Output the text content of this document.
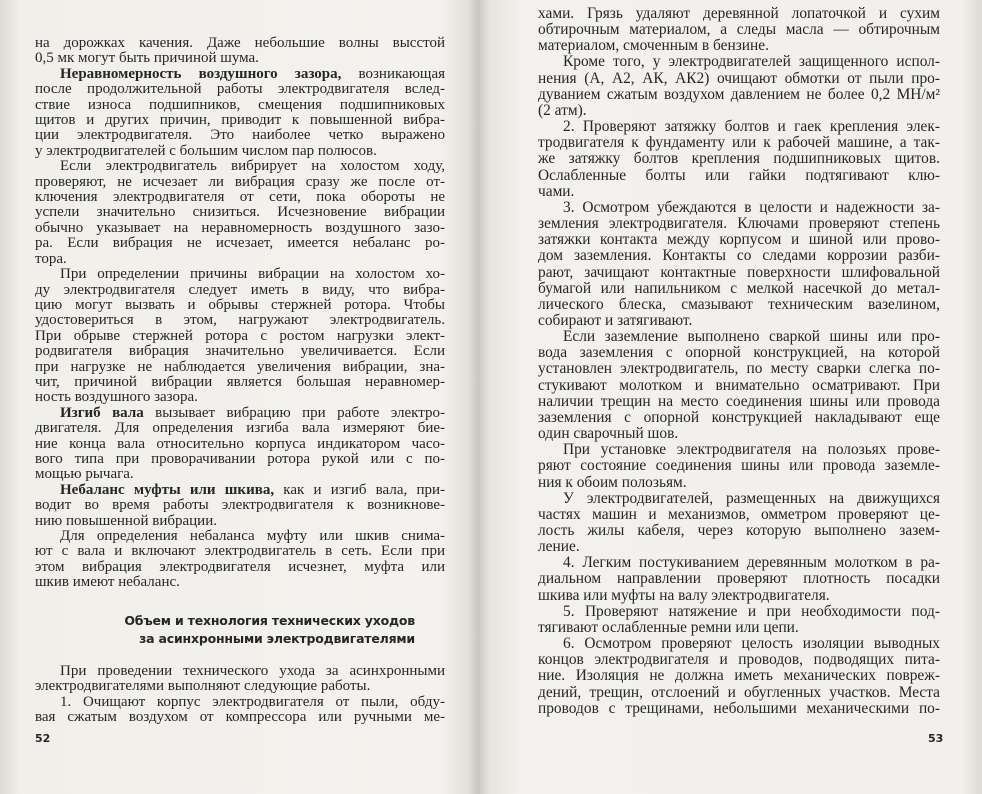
на дорожках качения. Даже небольшие волны высстой
0,5 мк могут быть причиной шума.
Неравномерность воздушного зазора, возникающая
после продолжительной работы электродвигателя вслед-
ствие износа подшипников, смещения подшипниковых
щитов и других причин, приводит к повышенной вибра-
ции электродвигателя. Это наиболее четко выражено
у электродвигателей с большим числом пар полюсов.
Если электродвигатель вибрирует на холостом ходу,
проверяют, не исчезает ли вибрация сразу же после от-
ключения электродвигателя от сети, пока обороты не
успели значительно снизиться. Исчезновение вибрации
обычно указывает на неравномерность воздушного зазо-
ра. Если вибрация не исчезает, имеется небаланс ро-
тора.
При определении причины вибрации на холостом хо-
ду электродвигателя следует иметь в виду, что вибра-
цию могут вызвать и обрывы стержней ротора. Чтобы
удостовериться в этом, нагружают электродвигатель.
При обрыве стержней ротора с ростом нагрузки элект-
родвигателя вибрация значительно увеличивается. Если
при нагрузке не наблюдается увеличения вибрации, зна-
чит, причиной вибрации является большая неравномер-
ность воздушного зазора.
Изгиб вала вызывает вибрацию при работе электро-
двигателя. Для определения изгиба вала измеряют бие-
ние конца вала относительно корпуса индикатором часо-
вого типа при проворачивании ротора рукой или с по-
мощью рычага.
Небаланс муфты или шкива, как и изгиб вала, при-
водит во время работы электродвигателя к возникнове-
нию повышенной вибрации.
Для определения небаланса муфту или шкив снима-
ют с вала и включают электродвигатель в сеть. Если при
этом вибрация электродвигателя исчезнет, муфта или
шкив имеют небаланс.
Объем и технология технических уходов
за асинхронными электродвигателями
При проведении технического ухода за асинхронными
электродвигателями выполняют следующие работы.
1. Очищают корпус электродвигателя от пыли, обду-
вая сжатым воздухом от компрессора или ручными ме-
хами. Грязь удаляют деревянной лопаточкой и сухим
обтирочным материалом, а следы масла — обтирочным
материалом, смоченным в бензине.
Кроме того, у электродвигателей защищенного испол-
нения (А, А2, АК, АК2) очищают обмотки от пыли про-
дуванием сжатым воздухом давлением не более 0,2 МН/м²
(2 атм).
2. Проверяют затяжку болтов и гаек крепления элек-
тродвигателя к фундаменту или к рабочей машине, а так-
же затяжку болтов крепления подшипниковых щитов.
Ослабленные болты или гайки подтягивают клю-
чами.
3. Осмотром убеждаются в целости и надежности за-
земления электродвигателя. Ключами проверяют степень
затяжки контакта между корпусом и шиной или прово-
дом заземления. Контакты со следами коррозии разби-
рают, зачищают контактные поверхности шлифовальной
бумагой или напильником с мелкой насечкой до метал-
лического блеска, смазывают техническим вазелином,
собирают и затягивают.
Если заземление выполнено сваркой шины или про-
вода заземления с опорной конструкцией, на которой
установлен электродвигатель, по месту сварки слегка по-
стукивают молотком и внимательно осматривают. При
наличии трещин на место соединения шины или провода
заземления с опорной конструкцией накладывают еще
один сварочный шов.
При установке электродвигателя на полозьях прове-
ряют состояние соединения шины или провода заземле-
ния к обоим полозьям.
У электродвигателей, размещенных на движущихся
частях машин и механизмов, омметром проверяют це-
лость жилы кабеля, через которую выполнено зазем-
ление.
4. Легким постукиванием деревянным молотком в ра-
диальном направлении проверяют плотность посадки
шкива или муфты на валу электродвигателя.
5. Проверяют натяжение и при необходимости под-
тягивают ослабленные ремни или цепи.
6. Осмотром проверяют целость изоляции выводных
концов электродвигателя и проводов, подводящих пита-
ние. Изоляция не должна иметь механических повреж-
дений, трещин, отслоений и обугленных участков. Места
проводов с трещинами, небольшими механическими по-
52	53
